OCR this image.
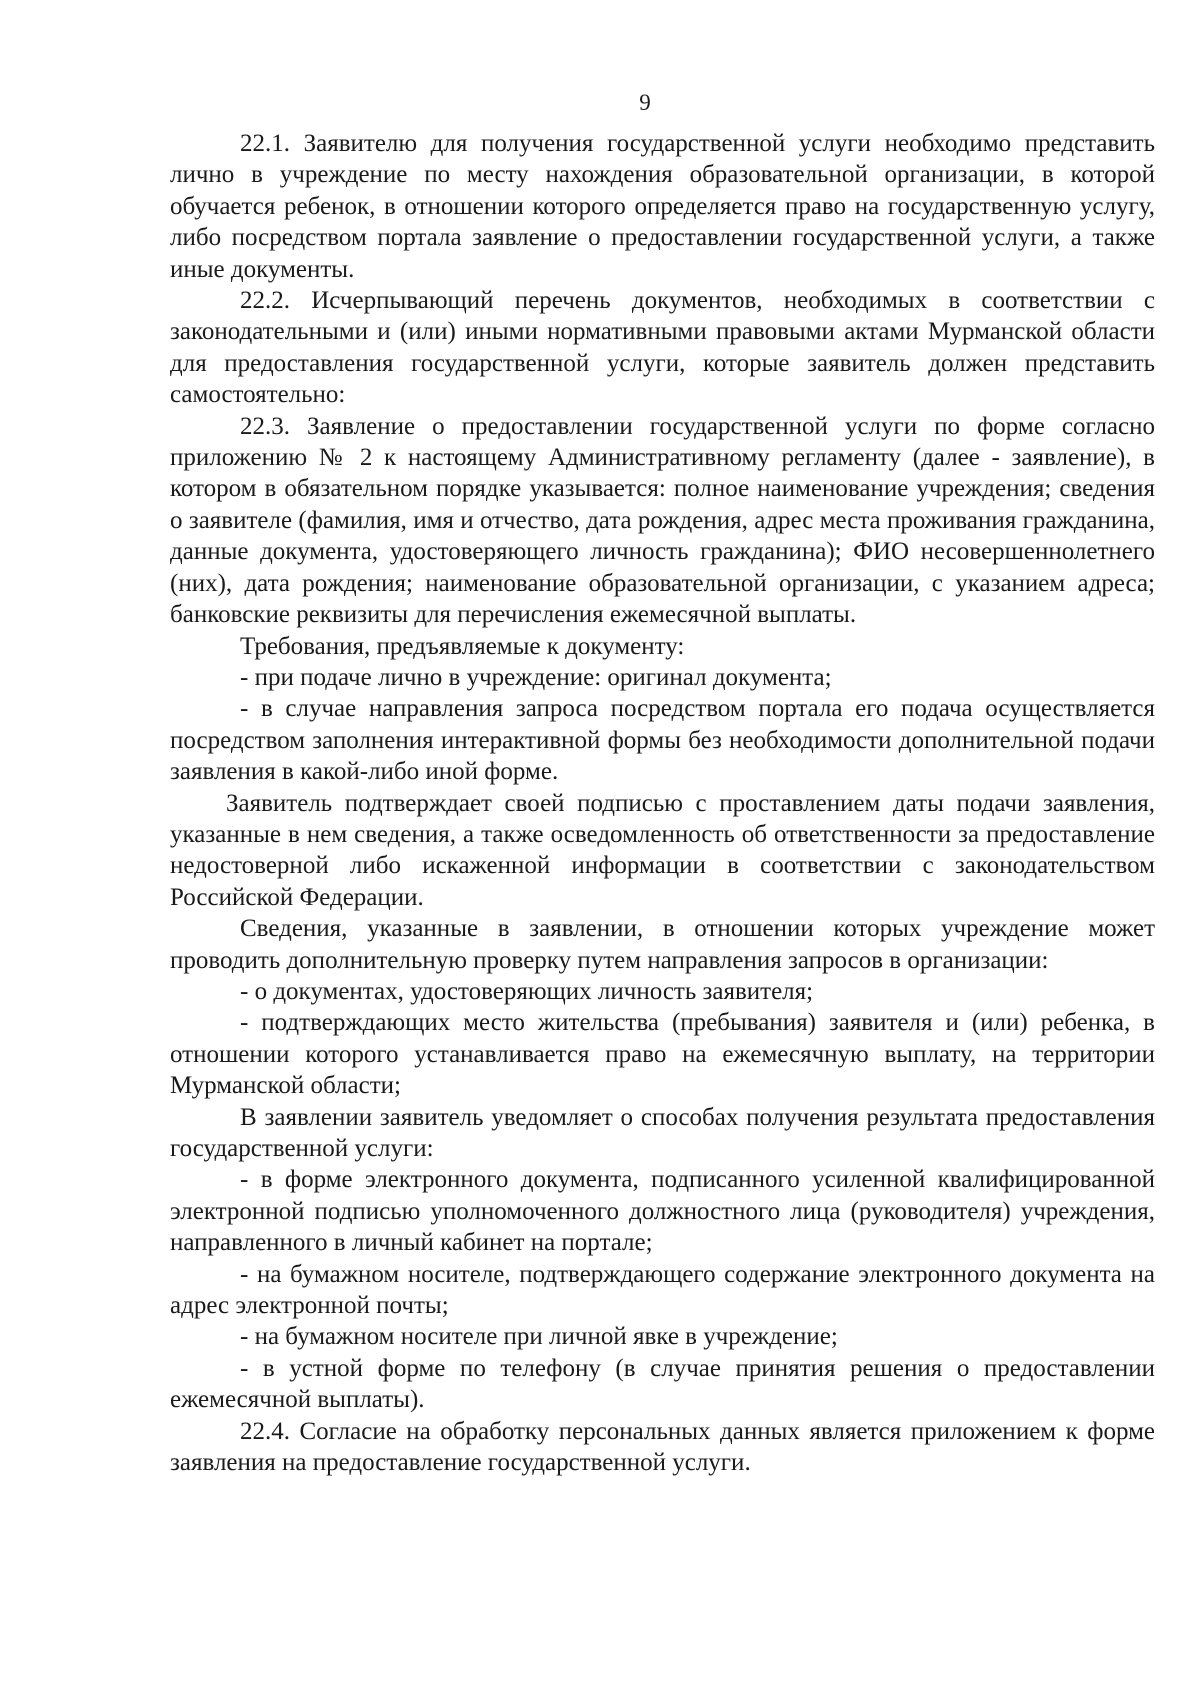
9

22.1. Заявителю для получения государственной услуги необходимо представить лично в учреждение по месту нахождения образовательной организации, в которой обучается ребенок, в отношении которого определяется право на государственную услугу, либо посредством портала заявление о предоставлении государственной услуги, а также иные документы.

22.2. Исчерпывающий перечень документов, необходимых в соответствии с законодательными и (или) иными нормативными правовыми актами Мурманской области для предоставления государственной услуги, которые заявитель должен представить самостоятельно:

22.3. Заявление о предоставлении государственной услуги по форме согласно приложению № 2 к настоящему Административному регламенту (далее - заявление), в котором в обязательном порядке указывается: полное наименование учреждения; сведения о заявителе (фамилия, имя и отчество, дата рождения, адрес места проживания гражданина, данные документа, удостоверяющего личность гражданина); ФИО несовершеннолетнего (них), дата рождения; наименование образовательной организации, с указанием адреса; банковские реквизиты для перечисления ежемесячной выплаты.

Требования, предъявляемые к документу:

- при подаче лично в учреждение: оригинал документа;

- в случае направления запроса посредством портала его подача осуществляется посредством заполнения интерактивной формы без необходимости дополнительной подачи заявления в какой-либо иной форме.

Заявитель подтверждает своей подписью с проставлением даты подачи заявления, указанные в нем сведения, а также осведомленность об ответственности за предоставление недостоверной либо искаженной информации в соответствии с законодательством Российской Федерации.

Сведения, указанные в заявлении, в отношении которых учреждение может проводить дополнительную проверку путем направления запросов в организации:

- о документах, удостоверяющих личность заявителя;

- подтверждающих место жительства (пребывания) заявителя и (или) ребенка, в отношении которого устанавливается право на ежемесячную выплату, на территории Мурманской области;

В заявлении заявитель уведомляет о способах получения результата предоставления государственной услуги:

- в форме электронного документа, подписанного усиленной квалифицированной электронной подписью уполномоченного должностного лица (руководителя) учреждения, направленного в личный кабинет на портале;

- на бумажном носителе, подтверждающего содержание электронного документа на адрес электронной почты;

- на бумажном носителе при личной явке в учреждение;

- в устной форме по телефону (в случае принятия решения о предоставлении ежемесячной выплаты).

22.4. Согласие на обработку персональных данных является приложением к форме заявления на предоставление государственной услуги.
